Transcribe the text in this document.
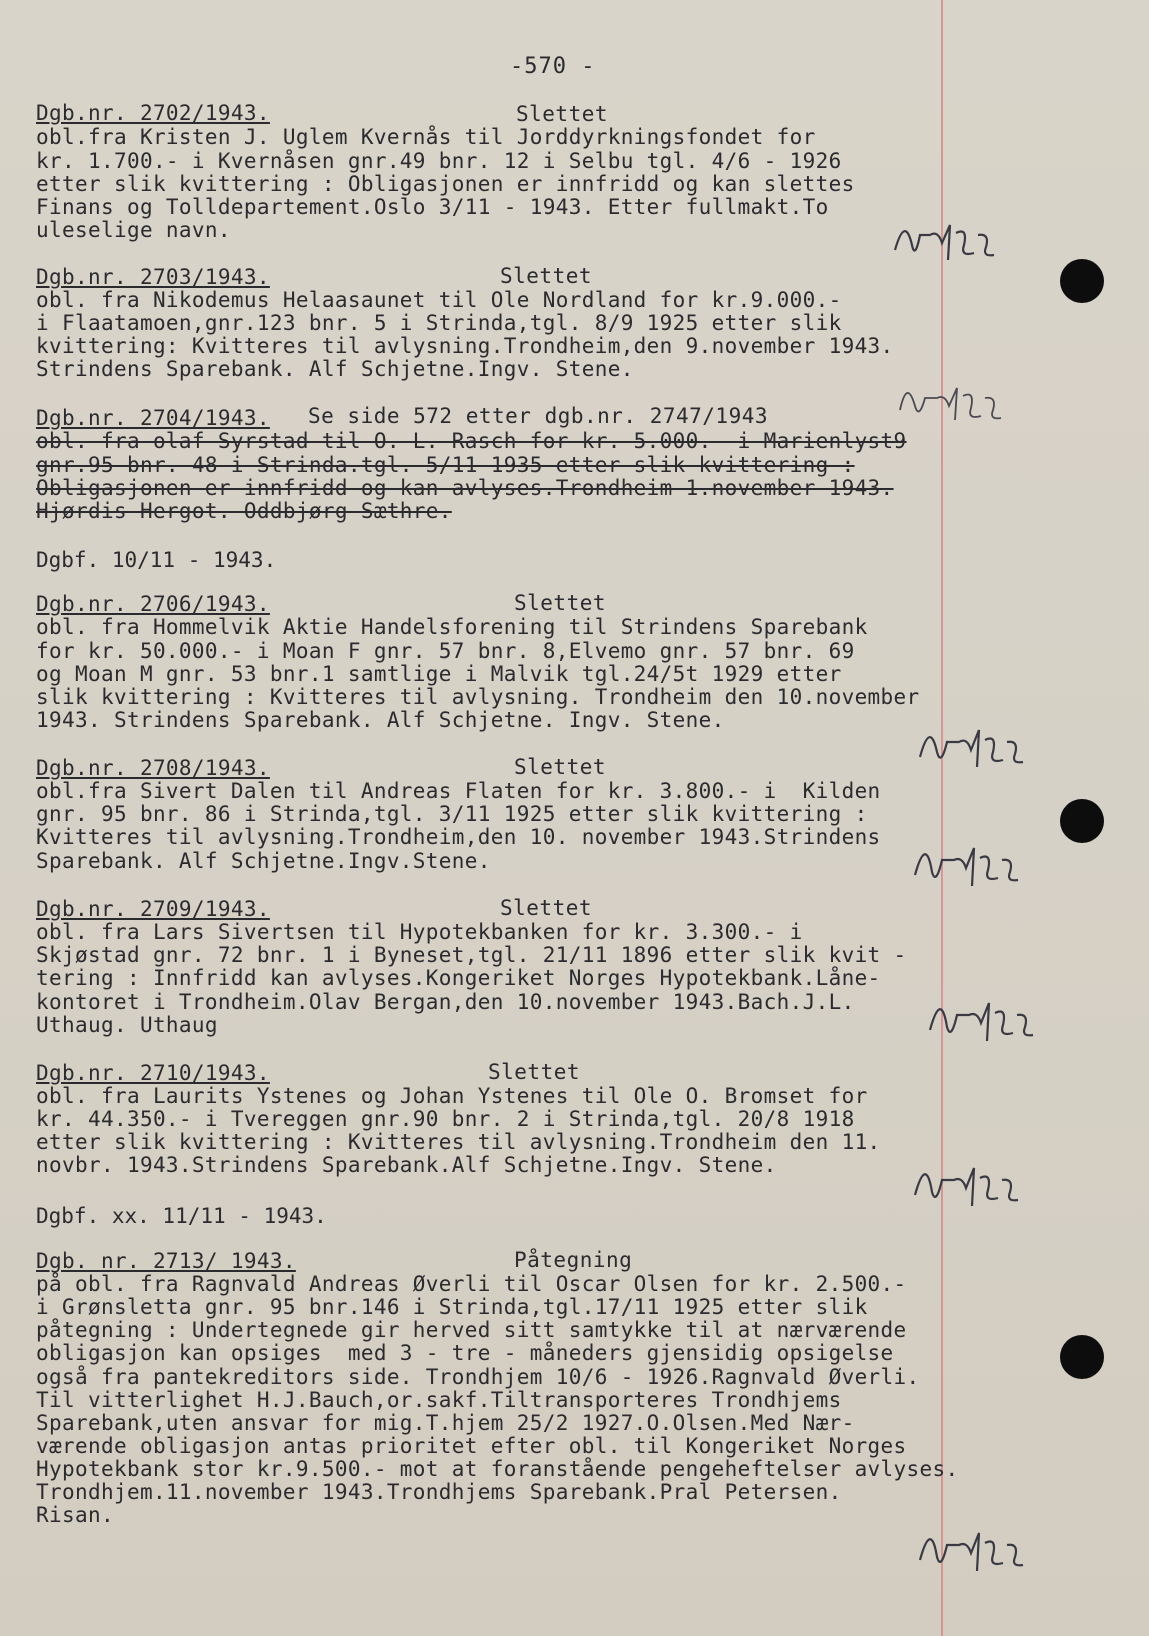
-570 -
Dgb.nr. 2702/1943.	Slettet
obl.fra Kristen J. Uglem Kvernås til Jorddyrkningsfondet for
kr. 1.700.- i Kvernåsen gnr.49 bnr. 12 i Selbu tgl. 4/6 - 1926
etter slik kvittering : Obligasjonen er innfridd og kan slettes
Finans og Tolldepartement.Oslo 3/11 - 1943. Etter fullmakt.To
uleselige navn.
Dgb.nr. 2703/1943.	Slettet
obl. fra Nikodemus Helaasaunet til Ole Nordland for kr.9.000.-
i Flaatamoen,gnr.123 bnr. 5 i Strinda,tgl. 8/9 1925 etter slik
kvittering: Kvitteres til avlysning.Trondheim,den 9.november 1943.
Strindens Sparebank. Alf Schjetne.Ingv. Stene.
Dgb.nr. 2704/1943. Se side 572 etter dgb.nr. 2747/1943
obl. fra olaf Syrstad til O. L. Rasch for kr. 5.000.- i Marienlyst9
gnr.95 bnr. 48 i Strinda.tgl. 5/11 1935 etter slik kvittering :
Obligasjonen er innfridd og kan avlyses.Trondheim 1.november 1943.
Hjørdis Hergot. Oddbjørg Sæthre.
Dgbf. 10/11 - 1943.
Dgb.nr. 2706/1943.	Slettet
obl. fra Hommelvik Aktie Handelsforening til Strindens Sparebank
for kr. 50.000.- i Moan F gnr. 57 bnr. 8,Elvemo gnr. 57 bnr. 69
og Moan M gnr. 53 bnr.1 samtlige i Malvik tgl.24/5t 1929 etter
slik kvittering : Kvitteres til avlysning. Trondheim den 10.november
1943. Strindens Sparebank. Alf Schjetne. Ingv. Stene.
Dgb.nr. 2708/1943.	Slettet
obl.fra Sivert Dalen til Andreas Flaten for kr. 3.800.- i  Kilden
gnr. 95 bnr. 86 i Strinda,tgl. 3/11 1925 etter slik kvittering :
Kvitteres til avlysning.Trondheim,den 10. november 1943.Strindens
Sparebank. Alf Schjetne.Ingv.Stene.
Dgb.nr. 2709/1943.	Slettet
obl. fra Lars Sivertsen til Hypotekbanken for kr. 3.300.- i
Skjøstad gnr. 72 bnr. 1 i Byneset,tgl. 21/11 1896 etter slik kvit -
tering : Innfridd kan avlyses.Kongeriket Norges Hypotekbank.Låne-
kontoret i Trondheim.Olav Bergan,den 10.november 1943.Bach.J.L.
Uthaug. Uthaug
Dgb.nr. 2710/1943.	Slettet
obl. fra Laurits Ystenes og Johan Ystenes til Ole O. Bromset for
kr. 44.350.- i Tvereggen gnr.90 bnr. 2 i Strinda,tgl. 20/8 1918
etter slik kvittering : Kvitteres til avlysning.Trondheim den 11.
novbr. 1943.Strindens Sparebank.Alf Schjetne.Ingv. Stene.
Dgbf. xx. 11/11 - 1943.
Dgb. nr. 2713/ 1943.	Påtegning
på obl. fra Ragnvald Andreas Øverli til Oscar Olsen for kr. 2.500.-
i Grønsletta gnr. 95 bnr.146 i Strinda,tgl.17/11 1925 etter slik
påtegning : Undertegnede gir herved sitt samtykke til at nærværende
obligasjon kan opsiges  med 3 - tre - måneders gjensidig opsigelse
også fra pantekreditors side. Trondhjem 10/6 - 1926.Ragnvald Øverli.
Til vitterlighet H.J.Bauch,or.sakf.Tiltransporteres Trondhjems
Sparebank,uten ansvar for mig.T.hjem 25/2 1927.O.Olsen.Med Nær-
værende obligasjon antas prioritet efter obl. til Kongeriket Norges
Hypotekbank stor kr.9.500.- mot at foranstående pengeheftelser avlyses.
Trondhjem.11.november 1943.Trondhjems Sparebank.Pral Petersen.
Risan.
